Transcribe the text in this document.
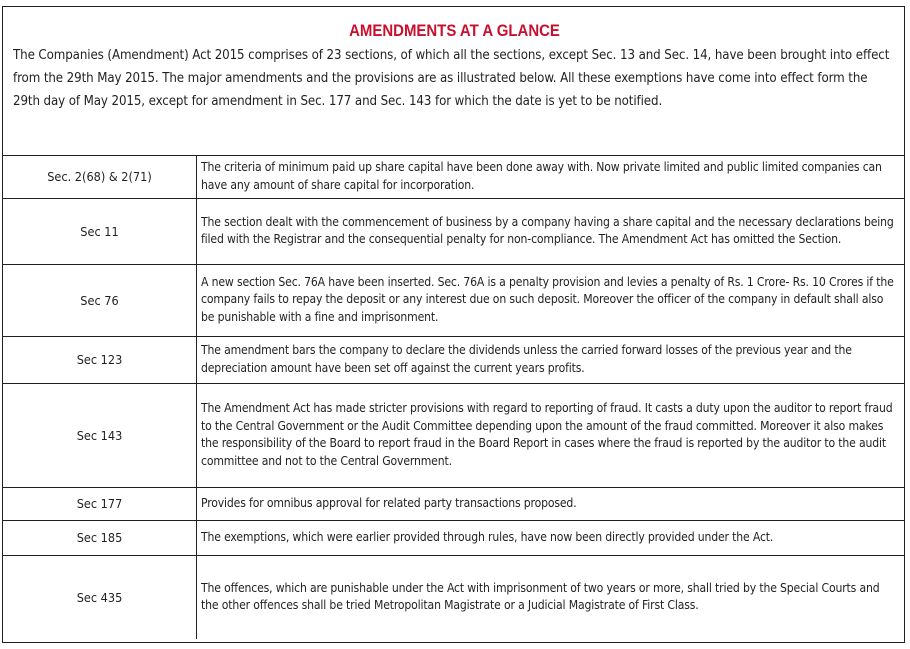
AMENDMENTS AT A GLANCE

The Companies (Amendment) Act 2015 comprises of 23 sections, of which all the sections, except Sec. 13 and Sec. 14, have been brought into effect from the 29th May 2015. The major amendments and the provisions are as illustrated below. All these exemptions have come into effect form the 29th day of May 2015, except for amendment in Sec. 177 and Sec. 143 for which the date is yet to be notified.

Sec. 2(68) & 2(71)	The criteria of minimum paid up share capital have been done away with. Now private limited and public limited companies can have any amount of share capital for incorporation.
Sec 11	The section dealt with the commencement of business by a company having a share capital and the necessary declarations being filed with the Registrar and the consequential penalty for non-compliance. The Amendment Act has omitted the Section.
Sec 76	A new section Sec. 76A have been inserted. Sec. 76A is a penalty provision and levies a penalty of Rs. 1 Crore- Rs. 10 Crores if the company fails to repay the deposit or any interest due on such deposit. Moreover the officer of the company in default shall also be punishable with a fine and imprisonment.
Sec 123	The amendment bars the company to declare the dividends unless the carried forward losses of the previous year and the depreciation amount have been set off against the current years profits.
Sec 143	The Amendment Act has made stricter provisions with regard to reporting of fraud. It casts a duty upon the auditor to report fraud to the Central Government or the Audit Committee depending upon the amount of the fraud committed. Moreover it also makes the responsibility of the Board to report fraud in the Board Report in cases where the fraud is reported by the auditor to the audit committee and not to the Central Government.
Sec 177	Provides for omnibus approval for related party transactions proposed.
Sec 185	The exemptions, which were earlier provided through rules, have now been directly provided under the Act.
Sec 435	The offences, which are punishable under the Act with imprisonment of two years or more, shall tried by the Special Courts and the other offences shall be tried Metropolitan Magistrate or a Judicial Magistrate of First Class.
